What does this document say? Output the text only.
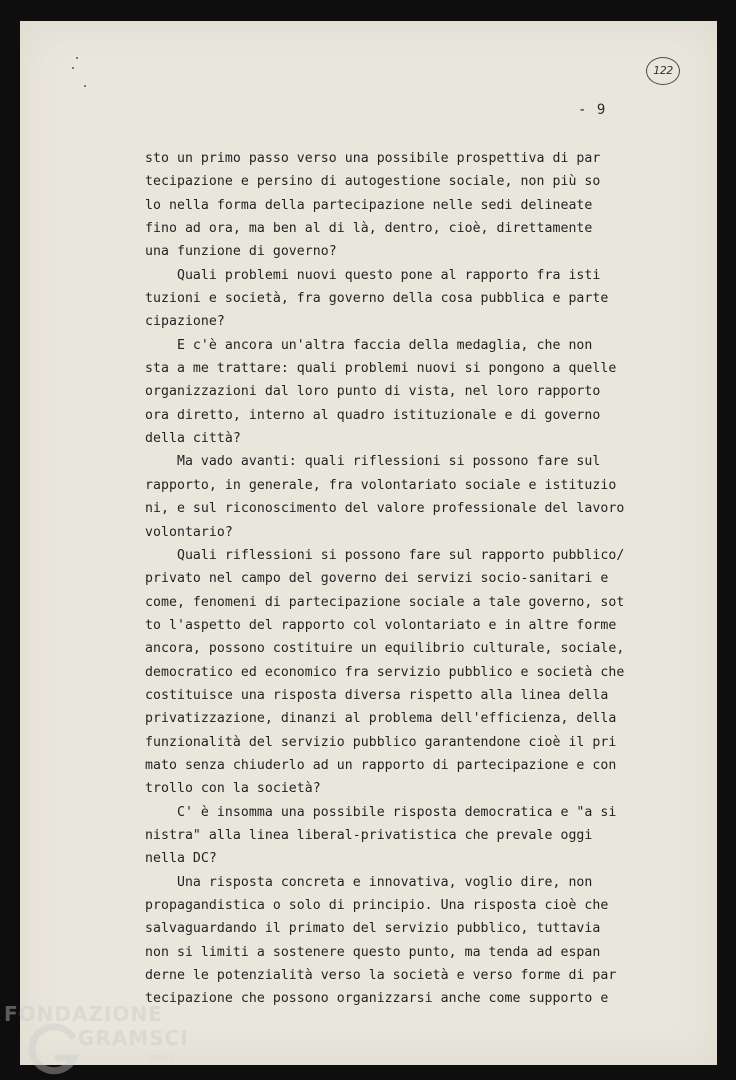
122
- 9
sto un primo passo verso una possibile prospettiva di par
tecipazione e persino di autogestione sociale, non più so
lo nella forma della partecipazione nelle sedi delineate
fino ad ora, ma ben al di là, dentro, cioè, direttamente
una funzione di governo?
Quali problemi nuovi questo pone al rapporto fra isti
tuzioni e società, fra governo della cosa pubblica e parte
cipazione?
E c'è ancora un'altra faccia della medaglia, che non
sta a me trattare: quali problemi nuovi si pongono a quelle
organizzazioni dal loro punto di vista, nel loro rapporto
ora diretto, interno al quadro istituzionale e di governo
della città?
Ma vado avanti: quali riflessioni si possono fare sul
rapporto, in generale, fra volontariato sociale e istituzio
ni, e sul riconoscimento del valore professionale del lavoro
volontario?
Quali riflessioni si possono fare sul rapporto pubblico/
privato nel campo del governo dei servizi socio-sanitari e
come, fenomeni di partecipazione sociale a tale governo, sot
to l'aspetto del rapporto col volontariato e in altre forme
ancora, possono costituire un equilibrio culturale, sociale,
democratico ed economico fra servizio pubblico e società che
costituisce una risposta diversa rispetto alla linea della
privatizzazione, dinanzi al problema dell'efficienza, della
funzionalità del servizio pubblico garantendone cioè il pri
mato senza chiuderlo ad un rapporto di partecipazione e con
trollo con la società?
C' è insomma una possibile risposta democratica e "a si
nistra" alla linea liberal-privatistica che prevale oggi
nella DC?
Una risposta concreta e innovativa, voglio dire, non
propagandistica o solo di principio. Una risposta cioè che
salvaguardando il primato del servizio pubblico, tuttavia
non si limiti a sostenere questo punto, ma tenda ad espan
derne le potenzialità verso la società e verso forme di par
tecipazione che possono organizzarsi anche come supporto e
FONDAZIONE
GRAMSCI
onlus
